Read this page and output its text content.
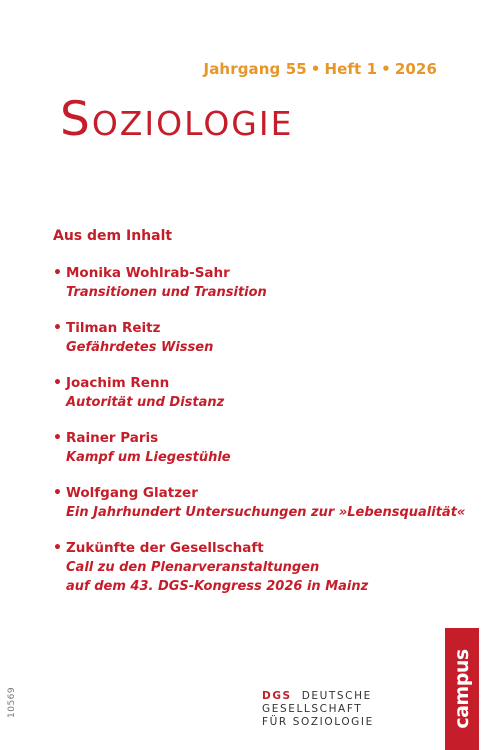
Jahrgang 55 • Heft 1 • 2026
Soziologie
Aus dem Inhalt
• Monika Wohlrab-Sahr
Transitionen und Transition
• Tilman Reitz
Gefährdetes Wissen
• Joachim Renn
Autorität und Distanz
• Rainer Paris
Kampf um Liegestühle
• Wolfgang Glatzer
Ein Jahrhundert Untersuchungen zur »Lebensqualität«
• Zukünfte der Gesellschaft
Call zu den Plenarveranstaltungen
auf dem 43. DGS-Kongress 2026 in Mainz
DGS DEUTSCHE
GESELLSCHAFT
FÜR SOZIOLOGIE	campus
10569
